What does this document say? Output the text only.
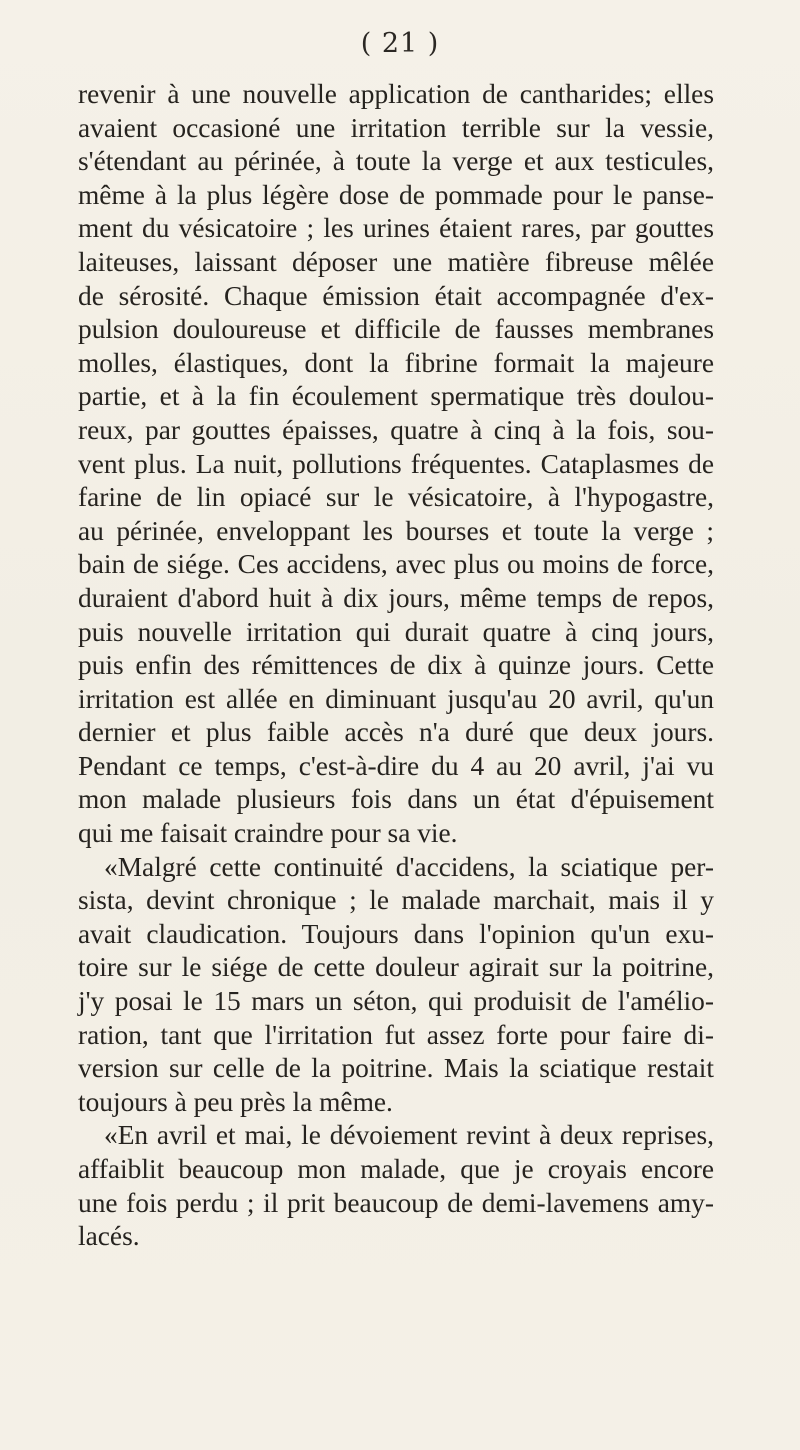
( 21 )
revenir à une nouvelle application de cantharides; elles
avaient occasioné une irritation terrible sur la vessie,
s'étendant au périnée, à toute la verge et aux testicules,
même à la plus légère dose de pommade pour le panse-
ment du vésicatoire ; les urines étaient rares, par gouttes
laiteuses, laissant déposer une matière fibreuse mêlée
de sérosité. Chaque émission était accompagnée d'ex-
pulsion douloureuse et difficile de fausses membranes
molles, élastiques, dont la fibrine formait la majeure
partie, et à la fin écoulement spermatique très doulou-
reux, par gouttes épaisses, quatre à cinq à la fois, sou-
vent plus. La nuit, pollutions fréquentes. Cataplasmes de
farine de lin opiacé sur le vésicatoire, à l'hypogastre,
au périnée, enveloppant les bourses et toute la verge ;
bain de siége. Ces accidens, avec plus ou moins de force,
duraient d'abord huit à dix jours, même temps de repos,
puis nouvelle irritation qui durait quatre à cinq jours,
puis enfin des rémittences de dix à quinze jours. Cette
irritation est allée en diminuant jusqu'au 20 avril, qu'un
dernier et plus faible accès n'a duré que deux jours.
Pendant ce temps, c'est-à-dire du 4 au 20 avril, j'ai vu
mon malade plusieurs fois dans un état d'épuisement
qui me faisait craindre pour sa vie.
«Malgré cette continuité d'accidens, la sciatique per-
sista, devint chronique ; le malade marchait, mais il y
avait claudication. Toujours dans l'opinion qu'un exu-
toire sur le siége de cette douleur agirait sur la poitrine,
j'y posai le 15 mars un séton, qui produisit de l'amélio-
ration, tant que l'irritation fut assez forte pour faire di-
version sur celle de la poitrine. Mais la sciatique restait
toujours à peu près la même.
«En avril et mai, le dévoiement revint à deux reprises,
affaiblit beaucoup mon malade, que je croyais encore
une fois perdu ; il prit beaucoup de demi-lavemens amy-
lacés.
